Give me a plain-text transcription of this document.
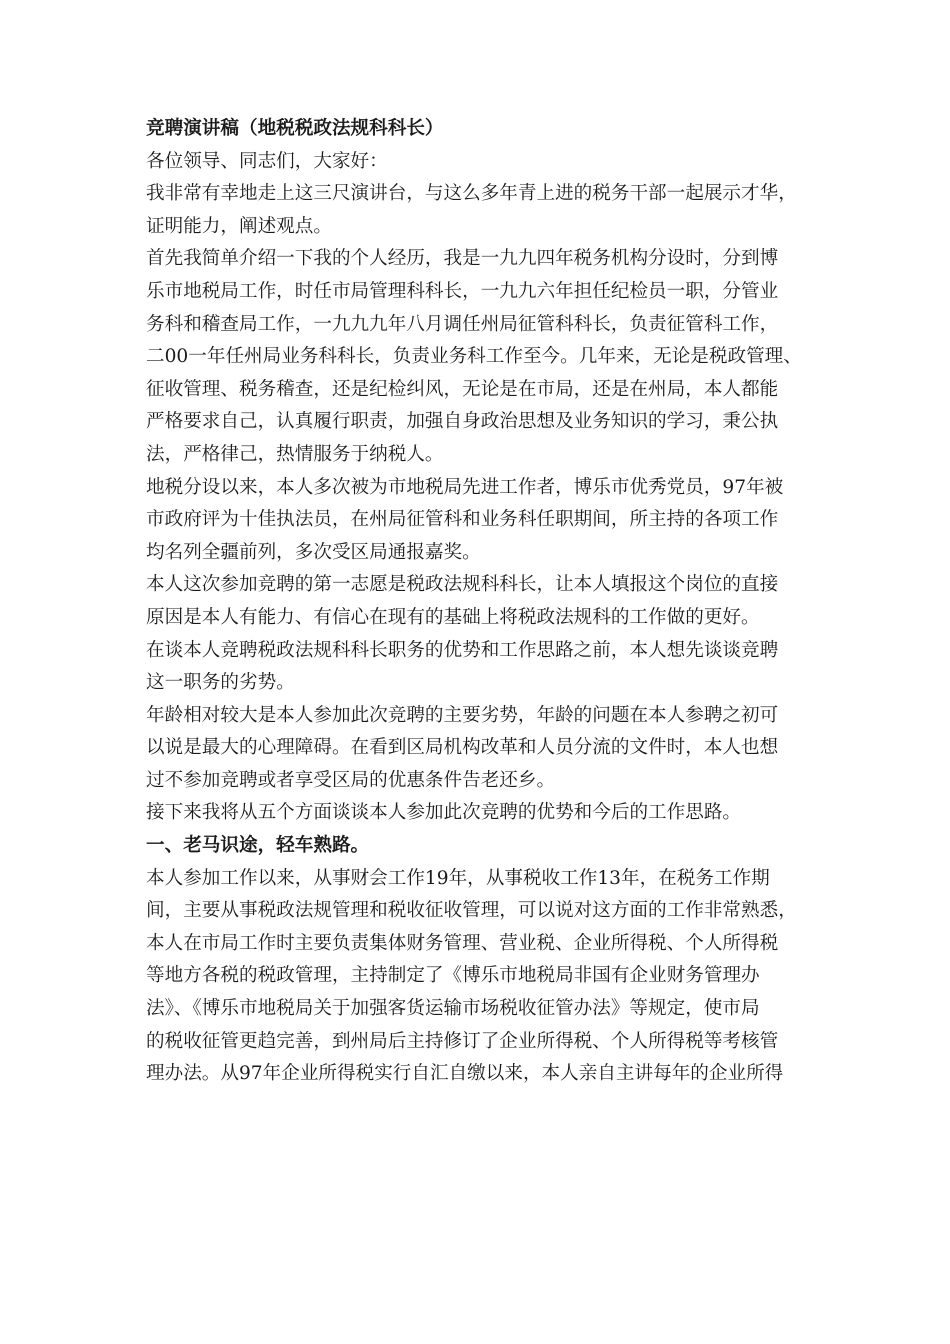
竞聘演讲稿（地税税政法规科科长）
各位领导、同志们，大家好：
我非常有幸地走上这三尺演讲台，与这么多年青上进的税务干部一起展示才华，
证明能力，阐述观点。
首先我简单介绍一下我的个人经历，我是一九九四年税务机构分设时，分到博
乐市地税局工作，时任市局管理科科长，一九九六年担任纪检员一职，分管业
务科和稽查局工作，一九九九年八月调任州局征管科科长，负责征管科工作，
二00一年任州局业务科科长，负责业务科工作至今。几年来，无论是税政管理、
征收管理、税务稽查，还是纪检纠风，无论是在市局，还是在州局，本人都能
严格要求自己，认真履行职责，加强自身政治思想及业务知识的学习，秉公执
法，严格律己，热情服务于纳税人。
地税分设以来，本人多次被为市地税局先进工作者，博乐市优秀党员，97年被
市政府评为十佳执法员，在州局征管科和业务科任职期间，所主持的各项工作
均名列全疆前列，多次受区局通报嘉奖。
本人这次参加竞聘的第一志愿是税政法规科科长，让本人填报这个岗位的直接
原因是本人有能力、有信心在现有的基础上将税政法规科的工作做的更好。
在谈本人竞聘税政法规科科长职务的优势和工作思路之前，本人想先谈谈竞聘
这一职务的劣势。
年龄相对较大是本人参加此次竞聘的主要劣势，年龄的问题在本人参聘之初可
以说是最大的心理障碍。在看到区局机构改革和人员分流的文件时，本人也想
过不参加竞聘或者享受区局的优惠条件告老还乡。
接下来我将从五个方面谈谈本人参加此次竞聘的优势和今后的工作思路。
一、老马识途，轻车熟路。
本人参加工作以来，从事财会工作19年，从事税收工作13年，在税务工作期
间，主要从事税政法规管理和税收征收管理，可以说对这方面的工作非常熟悉，
本人在市局工作时主要负责集体财务管理、营业税、企业所得税、个人所得税
等地方各税的税政管理，主持制定了《博乐市地税局非国有企业财务管理办
法》、《博乐市地税局关于加强客货运输市场税收征管办法》等规定，使市局
的税收征管更趋完善，到州局后主持修订了企业所得税、个人所得税等考核管
理办法。从97年企业所得税实行自汇自缴以来，本人亲自主讲每年的企业所得
